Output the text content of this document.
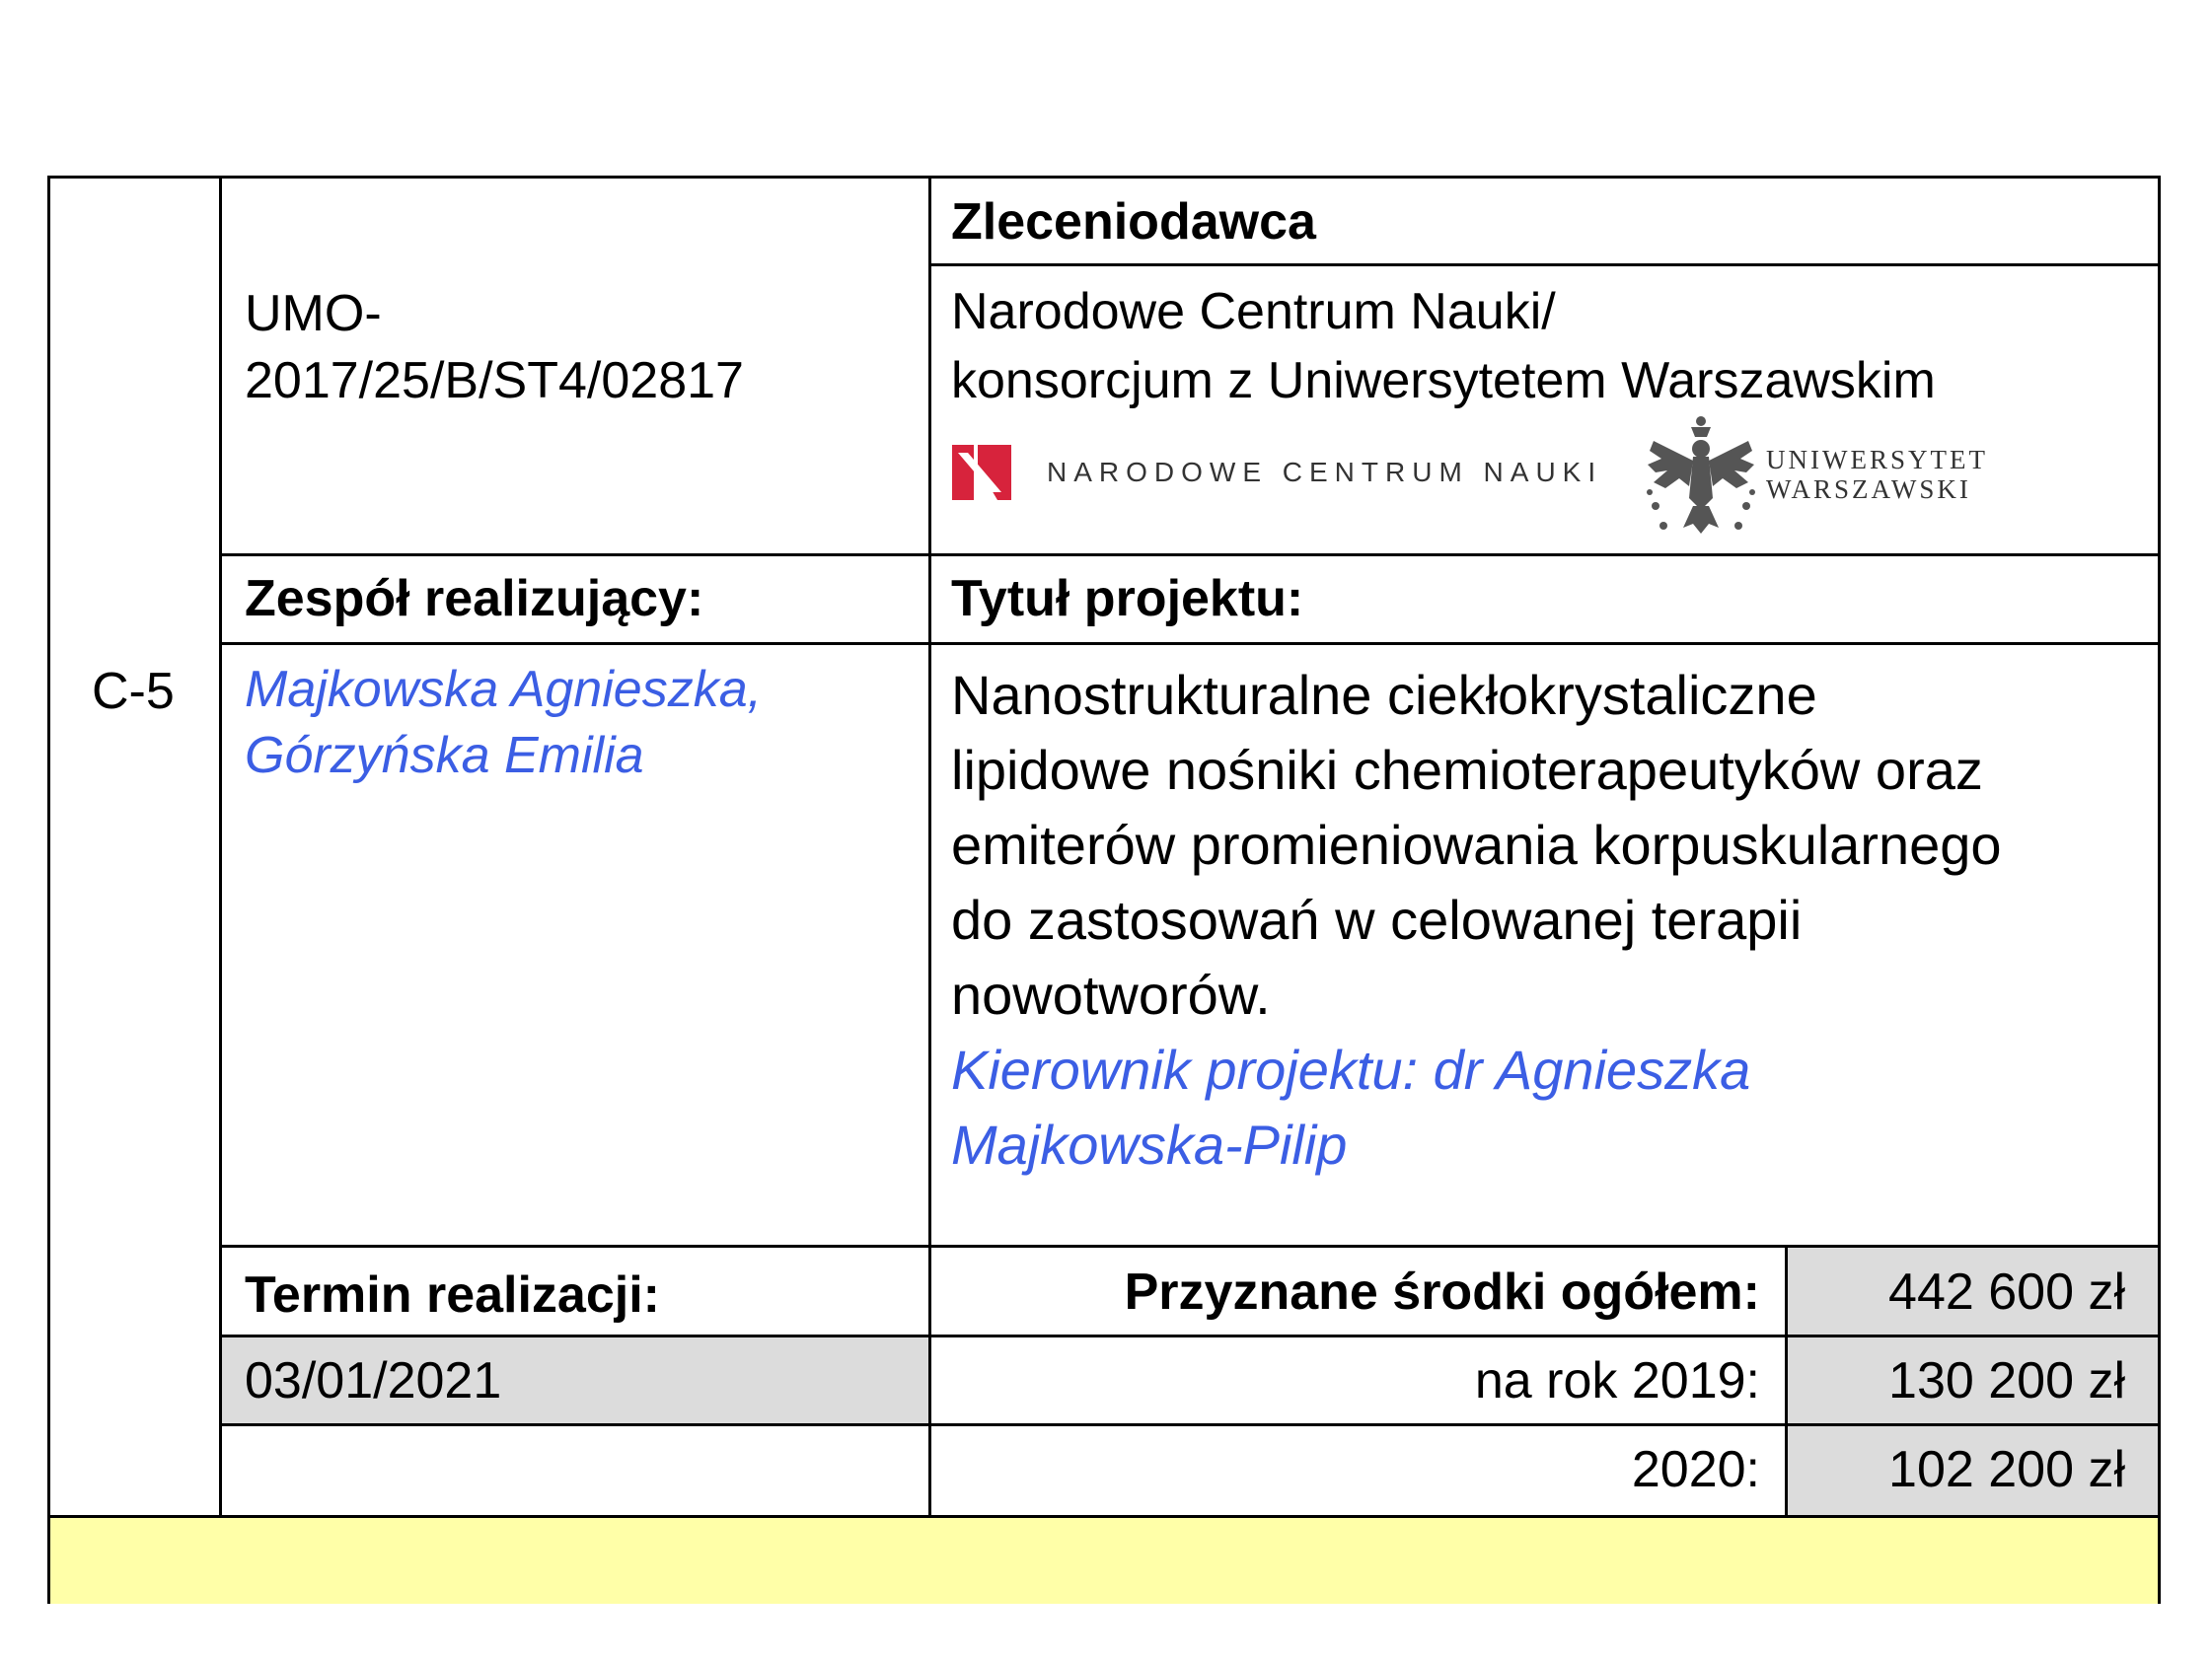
C-5
UMO-
2017/25/B/ST4/02817
Zleceniodawca
Narodowe Centrum Nauki/
konsorcjum z Uniwersytetem Warszawskim
NARODOWE CENTRUM NAUKI	UNIWERSYTET
WARSZAWSKI
Zespół realizujący:
Majkowska Agnieszka,
Górzyńska Emilia
Tytuł projektu:
Nanostrukturalne ciekłokrystaliczne
lipidowe nośniki chemioterapeutyków oraz
emiterów promieniowania korpuskularnego
do zastosowań w celowanej terapii
nowotworów.
Kierownik projektu: dr Agnieszka
Majkowska-Pilip
Termin realizacji:
03/01/2021
Przyznane środki ogółem:	442 600 zł
na rok 2019:	130 200 zł
2020:	102 200 zł
